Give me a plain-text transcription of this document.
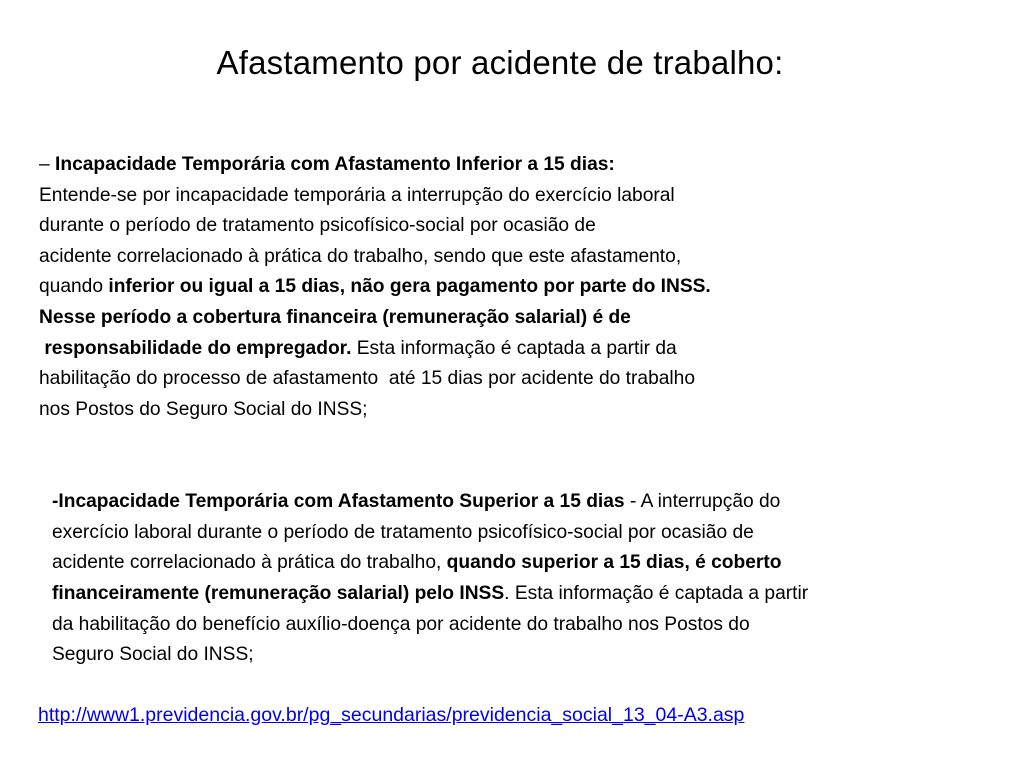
Afastamento por acidente de trabalho:
– Incapacidade Temporária com Afastamento Inferior a 15 dias:
Entende-se por incapacidade temporária a interrupção do exercício laboral
durante o período de tratamento psicofísico-social por ocasião de
acidente correlacionado à prática do trabalho, sendo que este afastamento,
quando inferior ou igual a 15 dias, não gera pagamento por parte do INSS.
Nesse período a cobertura financeira (remuneração salarial) é de
responsabilidade do empregador. Esta informação é captada a partir da
habilitação do processo de afastamento  até 15 dias por acidente do trabalho
nos Postos do Seguro Social do INSS;
-Incapacidade Temporária com Afastamento Superior a 15 dias - A interrupção do
exercício laboral durante o período de tratamento psicofísico-social por ocasião de
acidente correlacionado à prática do trabalho, quando superior a 15 dias, é coberto
financeiramente (remuneração salarial) pelo INSS. Esta informação é captada a partir
da habilitação do benefício auxílio-doença por acidente do trabalho nos Postos do
Seguro Social do INSS;
http://www1.previdencia.gov.br/pg_secundarias/previdencia_social_13_04-A3.asp
